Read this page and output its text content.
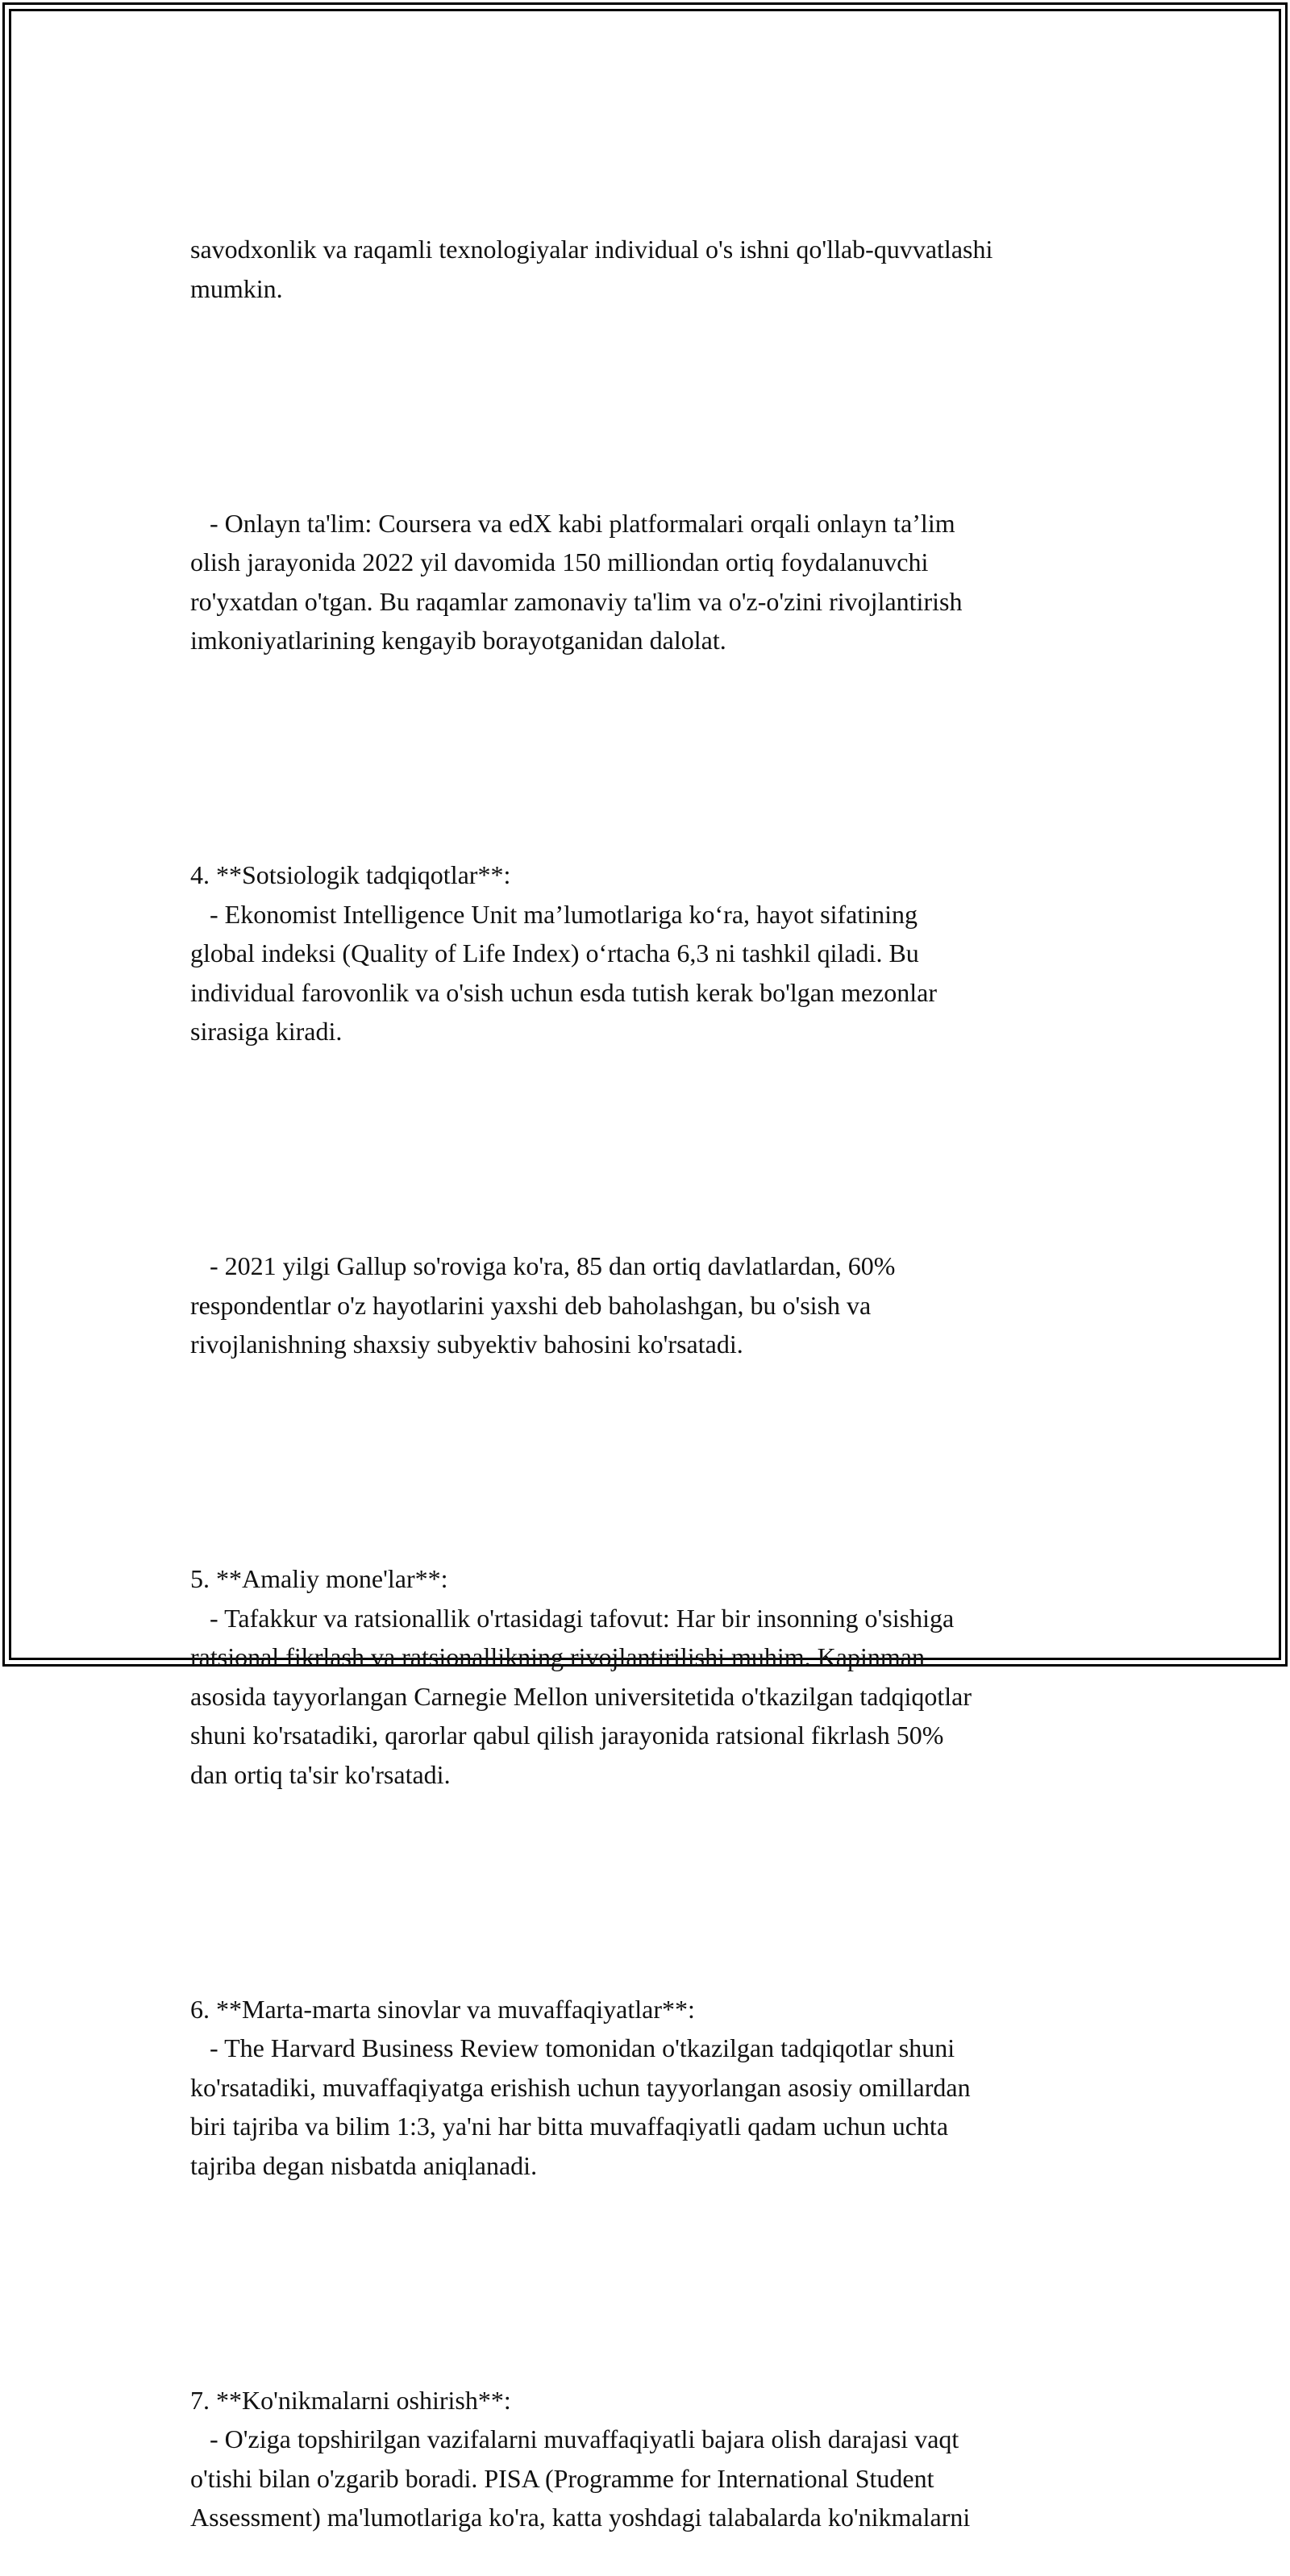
savodxonlik va raqamli texnologiyalar individual o's ishni qo'llab-quvvatlashi
mumkin.

- Onlayn ta'lim: Coursera va edX kabi platformalari orqali onlayn ta’lim
olish jarayonida 2022 yil davomida 150 milliondan ortiq foydalanuvchi
ro'yxatdan o'tgan. Bu raqamlar zamonaviy ta'lim va o'z-o'zini rivojlantirish
imkoniyatlarining kengayib borayotganidan dalolat.

4. **Sotsiologik tadqiqotlar**:
- Ekonomist Intelligence Unit ma’lumotlariga ko‘ra, hayot sifatining
global indeksi (Quality of Life Index) o‘rtacha 6,3 ni tashkil qiladi. Bu
individual farovonlik va o'sish uchun esda tutish kerak bo'lgan mezonlar
sirasiga kiradi.

- 2021 yilgi Gallup so'roviga ko'ra, 85 dan ortiq davlatlardan, 60%
respondentlar o'z hayotlarini yaxshi deb baholashgan, bu o'sish va
rivojlanishning shaxsiy subyektiv bahosini ko'rsatadi.

5. **Amaliy mone'lar**:
- Tafakkur va ratsionallik o'rtasidagi tafovut: Har bir insonning o'sishiga
ratsional fikrlash va ratsionallikning rivojlantirilishi muhim. Kapinman
asosida tayyorlangan Carnegie Mellon universitetida o'tkazilgan tadqiqotlar
shuni ko'rsatadiki, qarorlar qabul qilish jarayonida ratsional fikrlash 50%
dan ortiq ta'sir ko'rsatadi.

6. **Marta-marta sinovlar va muvaffaqiyatlar**:
- The Harvard Business Review tomonidan o'tkazilgan tadqiqotlar shuni
ko'rsatadiki, muvaffaqiyatga erishish uchun tayyorlangan asosiy omillardan
biri tajriba va bilim 1:3, ya'ni har bitta muvaffaqiyatli qadam uchun uchta
tajriba degan nisbatda aniqlanadi.

7. **Ko'nikmalarni oshirish**:
- O'ziga topshirilgan vazifalarni muvaffaqiyatli bajara olish darajasi vaqt
o'tishi bilan o'zgarib boradi. PISA (Programme for International Student
Assessment) ma'lumotlariga ko'ra, katta yoshdagi talabalarda ko'nikmalarni
